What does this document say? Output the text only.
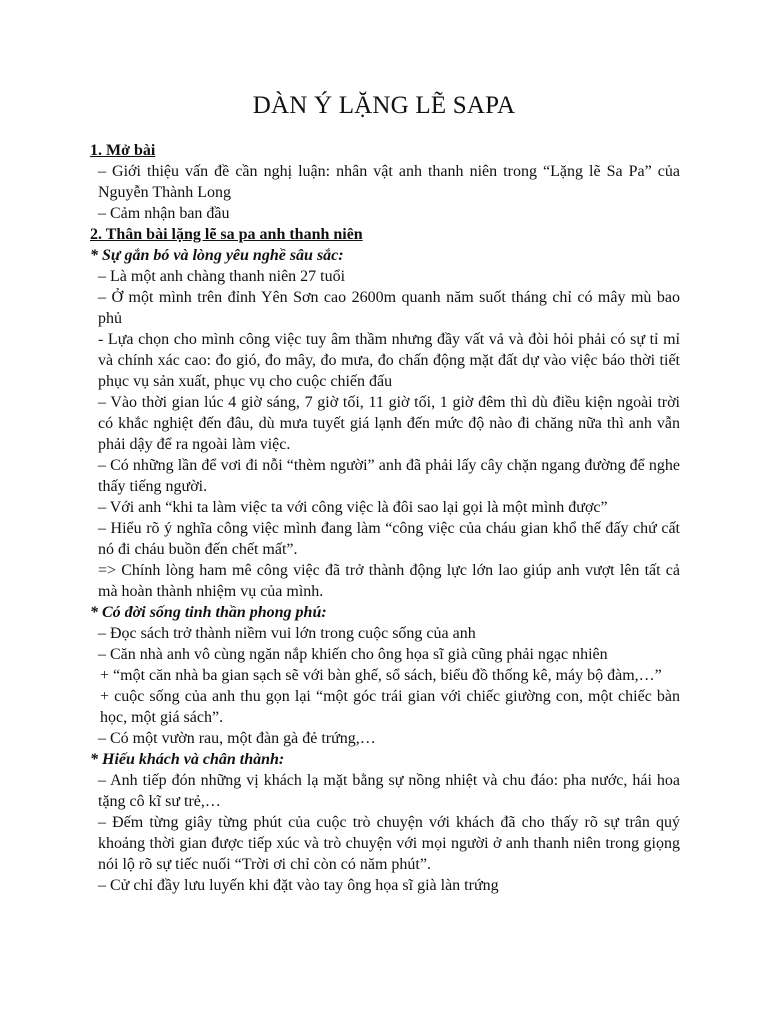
DÀN Ý LẶNG LẼ SAPA

1. Mở bài

– Giới thiệu vấn đề cần nghị luận: nhân vật anh thanh niên trong “Lặng lẽ Sa Pa” của Nguyễn Thành Long

– Cảm nhận ban đầu

2. Thân bài lặng lẽ sa pa anh thanh niên

* Sự gắn bó và lòng yêu nghề sâu sắc:

– Là một anh chàng thanh niên 27 tuổi

– Ở một mình trên đỉnh Yên Sơn cao 2600m quanh năm suốt tháng chỉ có mây mù bao phủ

- Lựa chọn cho mình công việc tuy âm thầm nhưng đầy vất vả và đòi hỏi phải có sự tỉ mỉ và chính xác cao: đo gió, đo mây, đo mưa, đo chấn động mặt đất dự vào việc báo thời tiết phục vụ sản xuất, phục vụ cho cuộc chiến đấu

– Vào thời gian lúc 4 giờ sáng, 7 giờ tối, 11 giờ tối, 1 giờ đêm thì dù điều kiện ngoài trời có khắc nghiệt đến đâu, dù mưa tuyết giá lạnh đến mức độ nào đi chăng nữa thì anh vẫn phải dậy để ra ngoài làm việc.

– Có những lần để vơi đi nỗi “thèm người” anh đã phải lấy cây chặn ngang đường để nghe thấy tiếng người.

– Với anh “khi ta làm việc ta với công việc là đôi sao lại gọi là một mình được”

– Hiểu rõ ý nghĩa công việc mình đang làm “công việc của cháu gian khổ thế đấy chứ cất nó đi cháu buồn đến chết mất”.

=> Chính lòng ham mê công việc đã trở thành động lực lớn lao giúp anh vượt lên tất cả mà hoàn thành nhiệm vụ của mình.

* Có đời sống tinh thần phong phú:

– Đọc sách trở thành niềm vui lớn trong cuộc sống của anh

– Căn nhà anh vô cùng ngăn nắp khiến cho ông họa sĩ già cũng phải ngạc nhiên

+ “một căn nhà ba gian sạch sẽ với bàn ghế, sổ sách, biểu đồ thống kê, máy bộ đàm,…”

+ cuộc sống của anh thu gọn lại “một góc trái gian với chiếc giường con, một chiếc bàn học, một giá sách”.

– Có một vườn rau, một đàn gà đẻ trứng,…

* Hiếu khách và chân thành:

– Anh tiếp đón những vị khách lạ mặt bằng sự nồng nhiệt và chu đáo: pha nước, hái hoa tặng cô kĩ sư trẻ,…

– Đếm từng giây từng phút của cuộc trò chuyện với khách đã cho thấy rõ sự trân quý khoảng thời gian được tiếp xúc và trò chuyện với mọi người ở anh thanh niên trong giọng nói lộ rõ sự tiếc nuối “Trời ơi chỉ còn có năm phút”.

– Cử chỉ đầy lưu luyến khi đặt vào tay ông họa sĩ già làn trứng
